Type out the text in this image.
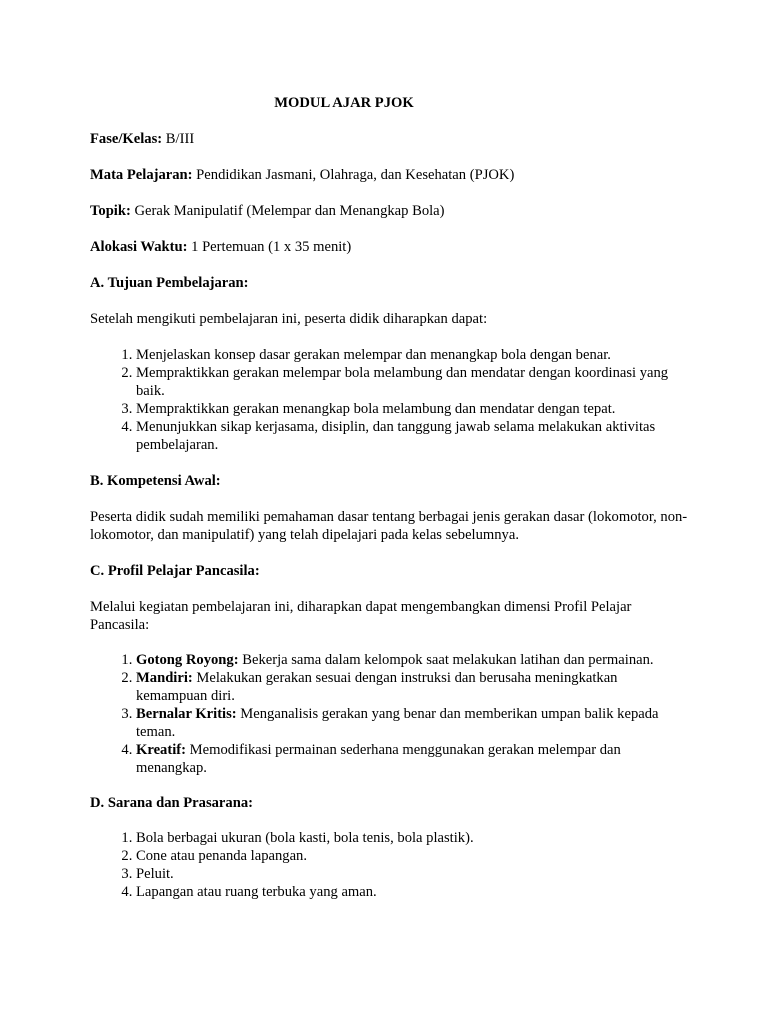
MODUL AJAR PJOK
Fase/Kelas: B/III
Mata Pelajaran: Pendidikan Jasmani, Olahraga, dan Kesehatan (PJOK)
Topik: Gerak Manipulatif (Melempar dan Menangkap Bola)
Alokasi Waktu: 1 Pertemuan (1 x 35 menit)
A. Tujuan Pembelajaran:
Setelah mengikuti pembelajaran ini, peserta didik diharapkan dapat:
1. Menjelaskan konsep dasar gerakan melempar dan menangkap bola dengan benar.
2. Mempraktikkan gerakan melempar bola melambung dan mendatar dengan koordinasi yang baik.
3. Mempraktikkan gerakan menangkap bola melambung dan mendatar dengan tepat.
4. Menunjukkan sikap kerjasama, disiplin, dan tanggung jawab selama melakukan aktivitas pembelajaran.
B. Kompetensi Awal:
Peserta didik sudah memiliki pemahaman dasar tentang berbagai jenis gerakan dasar (lokomotor, non-lokomotor, dan manipulatif) yang telah dipelajari pada kelas sebelumnya.
C. Profil Pelajar Pancasila:
Melalui kegiatan pembelajaran ini, diharapkan dapat mengembangkan dimensi Profil Pelajar Pancasila:
1. Gotong Royong: Bekerja sama dalam kelompok saat melakukan latihan dan permainan.
2. Mandiri: Melakukan gerakan sesuai dengan instruksi dan berusaha meningkatkan kemampuan diri.
3. Bernalar Kritis: Menganalisis gerakan yang benar dan memberikan umpan balik kepada teman.
4. Kreatif: Memodifikasi permainan sederhana menggunakan gerakan melempar dan menangkap.
D. Sarana dan Prasarana:
1. Bola berbagai ukuran (bola kasti, bola tenis, bola plastik).
2. Cone atau penanda lapangan.
3. Peluit.
4. Lapangan atau ruang terbuka yang aman.
